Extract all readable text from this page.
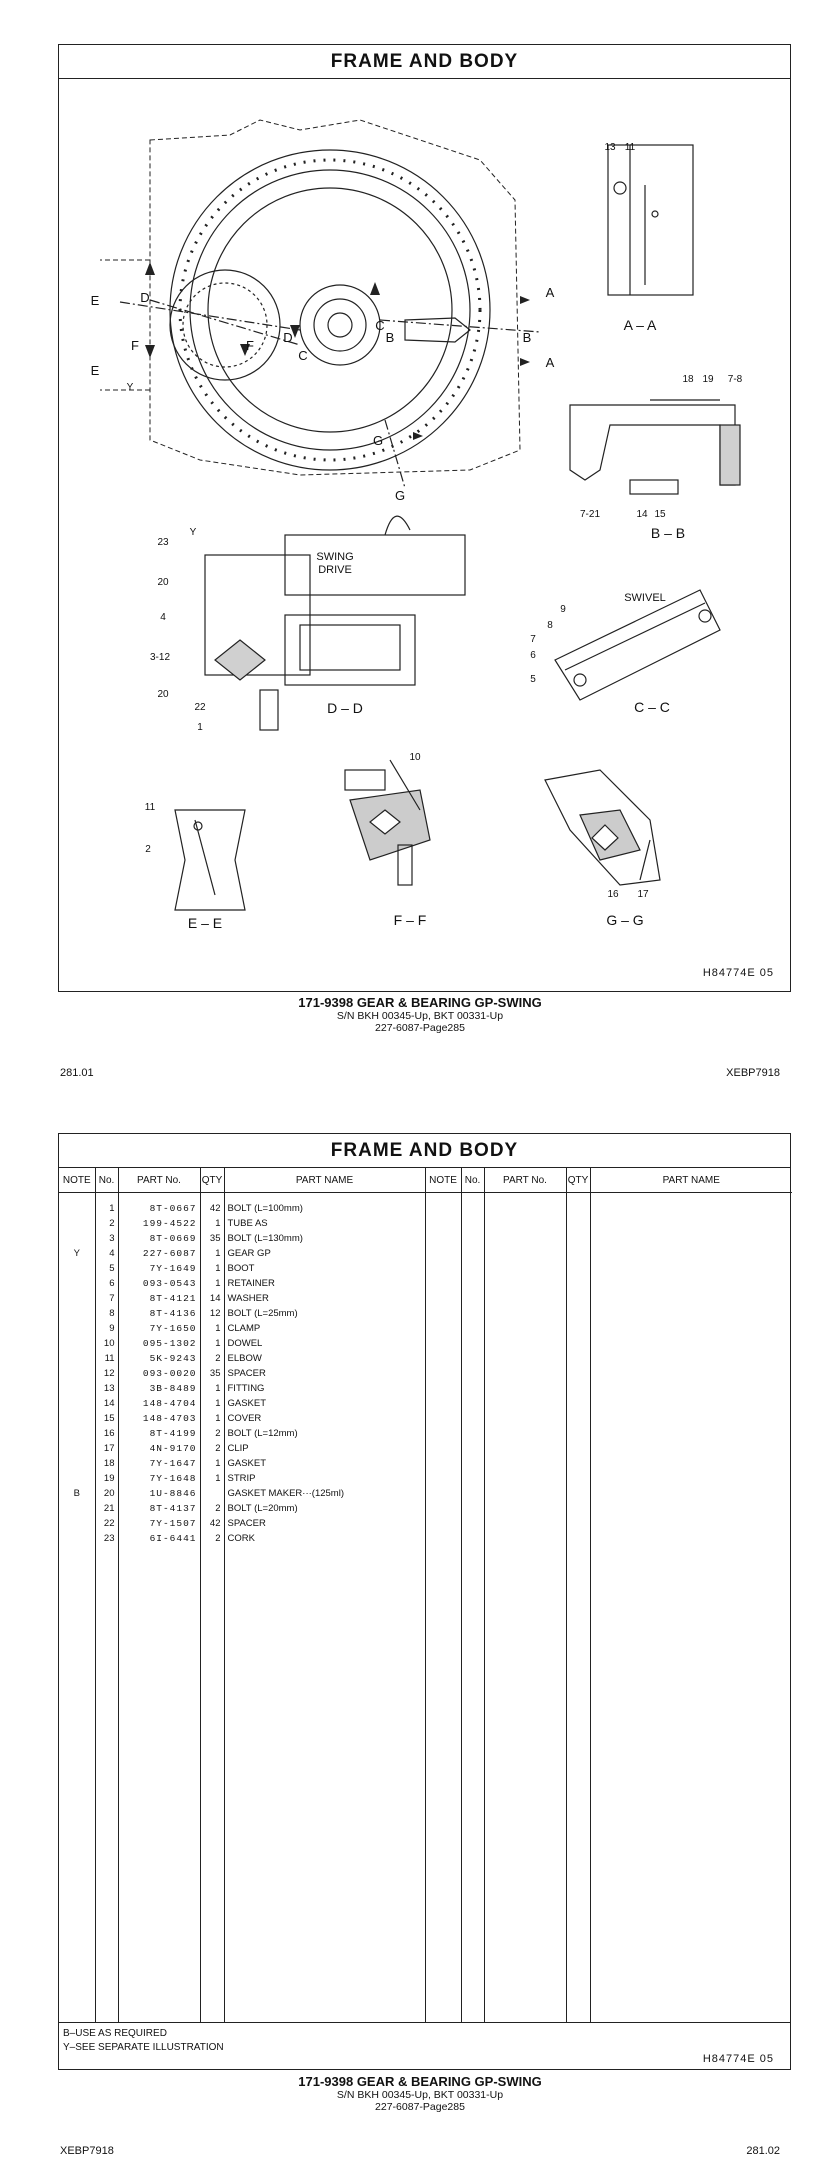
FRAME AND BODY
H84774E 05
A – A
B – B
C – C
D – D
E – E	F – F	G – G
SWING
DRIVE
SWIVEL
A
A
B	B
C
C
D
D
E
E
F	F
G
G
Y
Y
13 11
18 19 7-8
7-21	14 15
23
20
4
3-12
20
22
1
9
8
7
6
5
10
11
2
16 17
171-9398 GEAR & BEARING GP-SWING
S/N BKH 00345-Up, BKT 00331-Up
227-6087-Page285
281.01	XEBP7918
FRAME AND BODY
B–USE AS REQUIRED
Y–SEE SEPARATE ILLUSTRATION
H84774E 05
NOTE	No.	PART No.	QTY	PART NAME	NOTE	No.	PART No.	QTY	PART NAME

	1	8T-0667	42	BOLT (L=100mm)					
	2	199-4522	1	TUBE AS					
	3	8T-0669	35	BOLT (L=130mm)					
Y	4	227-6087	1	GEAR GP					
	5	7Y-1649	1	BOOT					
	6	093-0543	1	RETAINER					
	7	8T-4121	14	WASHER					
	8	8T-4136	12	BOLT (L=25mm)					
	9	7Y-1650	1	CLAMP					
	10	095-1302	1	DOWEL					
	11	5K-9243	2	ELBOW					
	12	093-0020	35	SPACER					
	13	3B-8489	1	FITTING					
	14	148-4704	1	GASKET					
	15	148-4703	1	COVER					
	16	8T-4199	2	BOLT (L=12mm)					
	17	4N-9170	2	CLIP					
	18	7Y-1647	1	GASKET					
	19	7Y-1648	1	STRIP					
B	20	1U-8846		GASKET MAKER···(125ml)					
	21	8T-4137	2	BOLT (L=20mm)					
	22	7Y-1507	42	SPACER					
	23	6I-6441	2	CORK					
171-9398 GEAR & BEARING GP-SWING
S/N BKH 00345-Up, BKT 00331-Up
227-6087-Page285
XEBP7918	281.02
